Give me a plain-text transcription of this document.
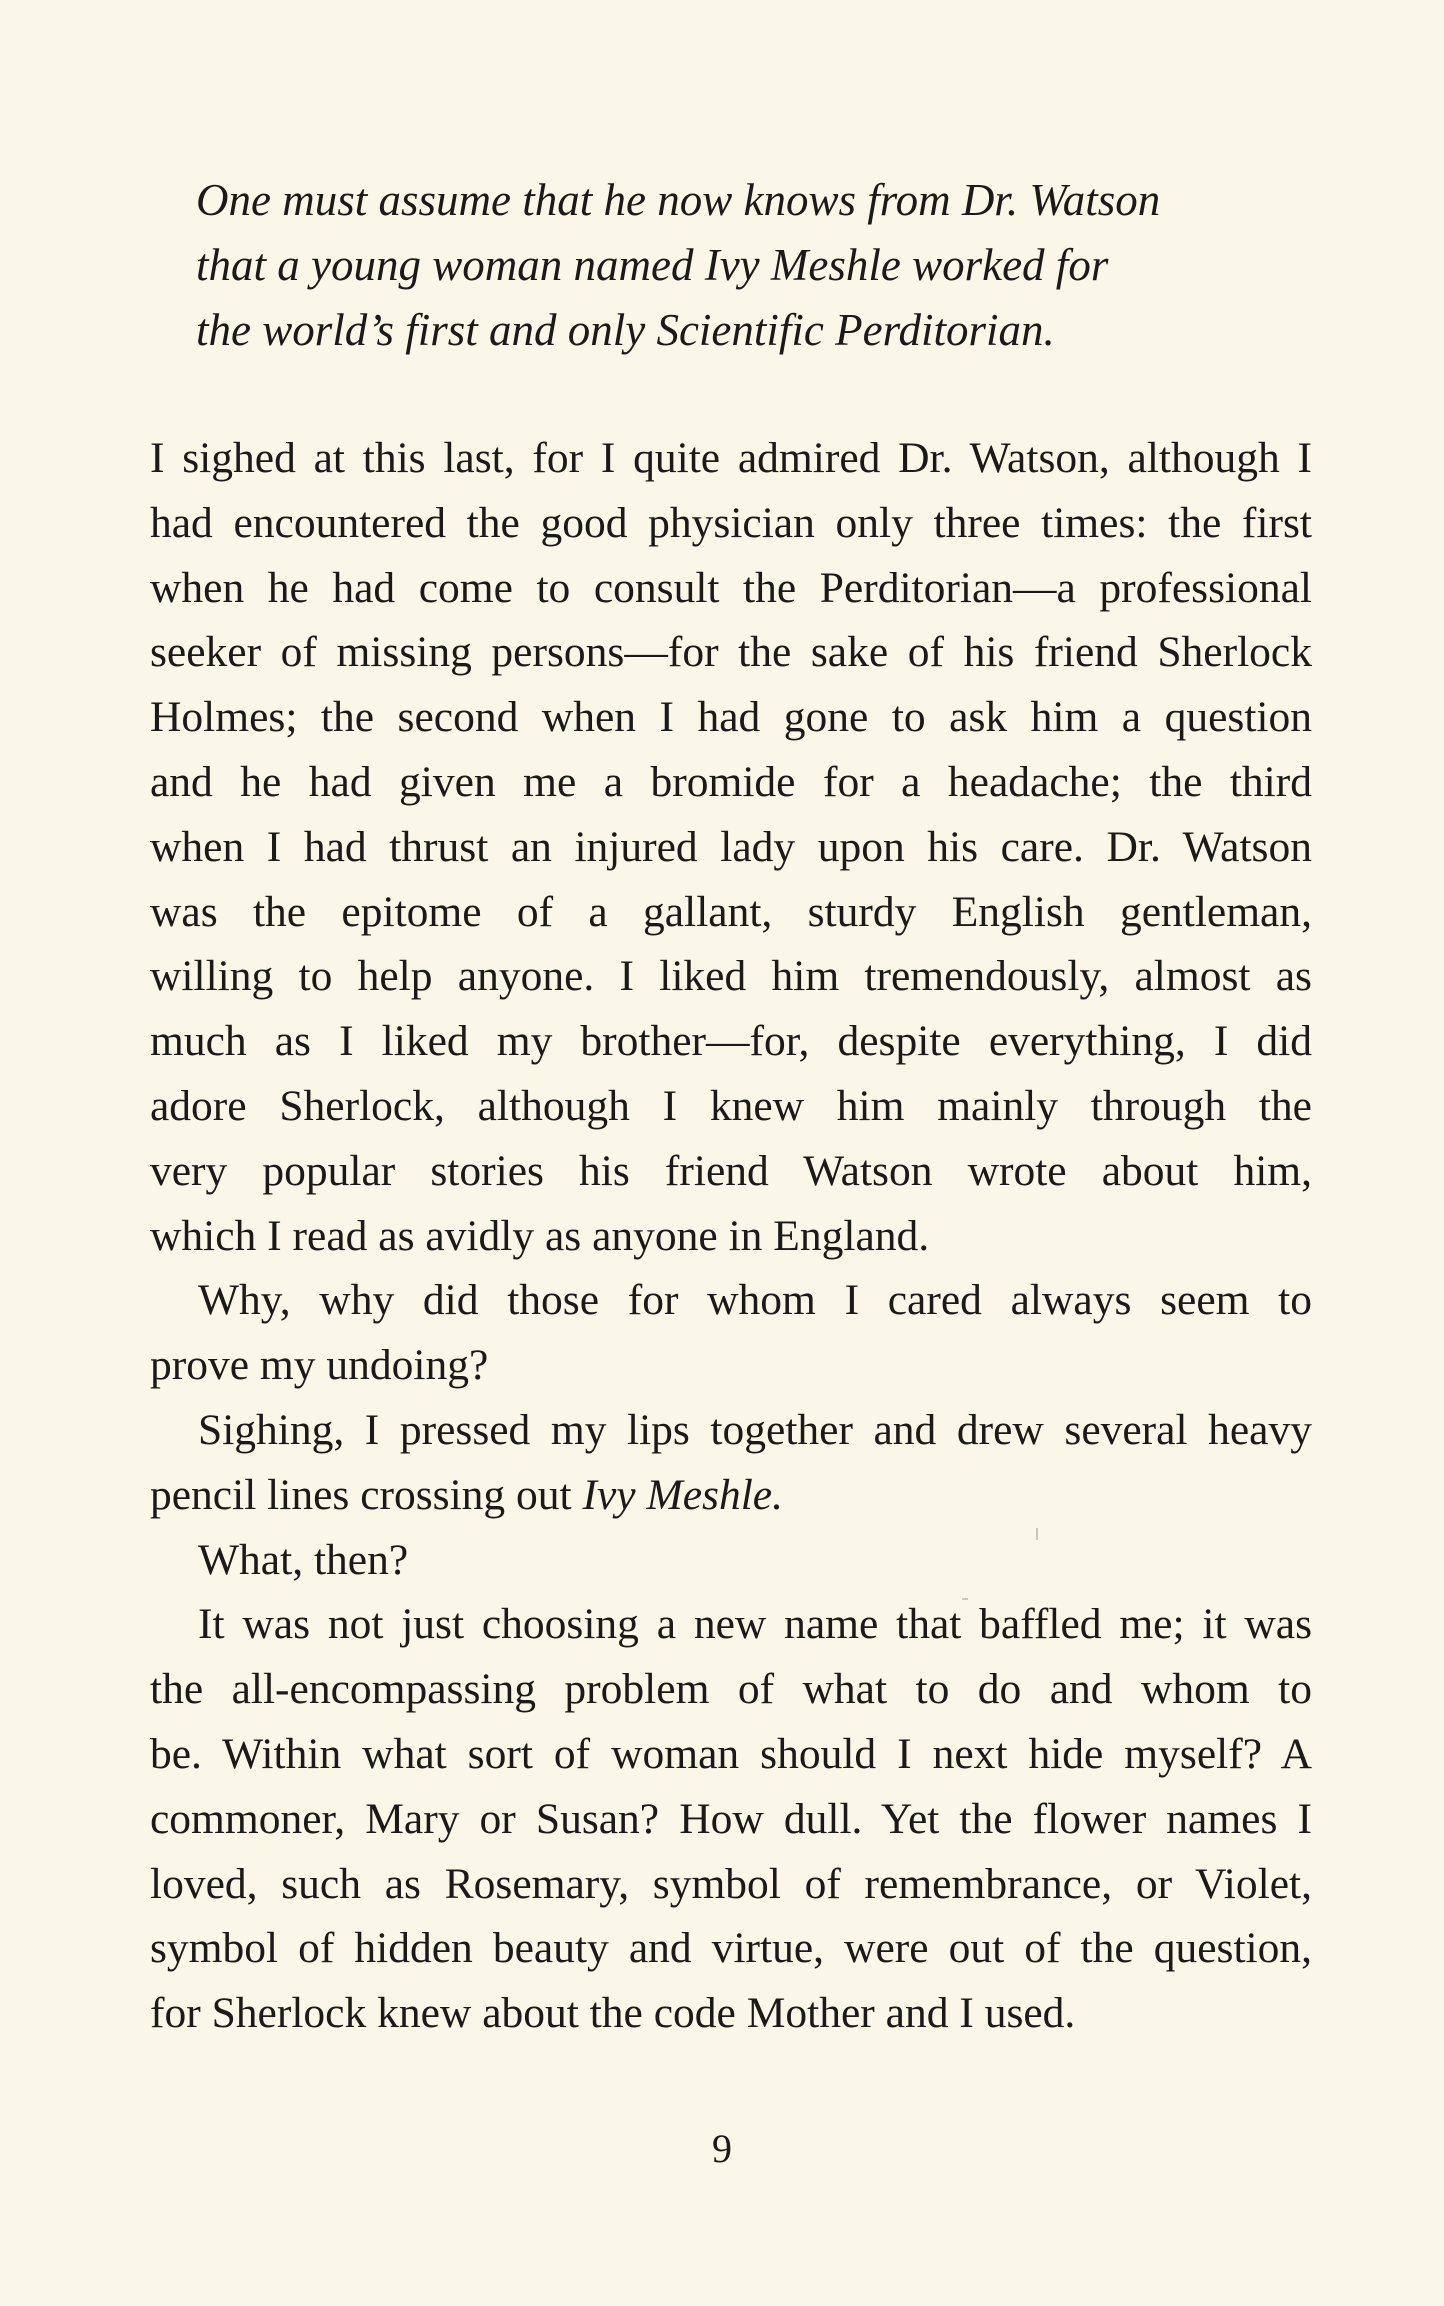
One must assume that he now knows from Dr. Watson
that a young woman named Ivy Meshle worked for
the world’s first and only Scientific Perditorian.
I sighed at this last, for I quite admired Dr. Watson, although I
had encountered the good physician only three times: the first
when he had come to consult the Perditorian—a professional
seeker of missing persons—for the sake of his friend Sherlock
Holmes; the second when I had gone to ask him a question
and he had given me a bromide for a headache; the third
when I had thrust an injured lady upon his care. Dr. Watson
was the epitome of a gallant, sturdy English gentleman,
willing to help anyone. I liked him tremendously, almost as
much as I liked my brother—for, despite everything, I did
adore Sherlock, although I knew him mainly through the
very popular stories his friend Watson wrote about him,
which I read as avidly as anyone in England.
Why, why did those for whom I cared always seem to
prove my undoing?
Sighing, I pressed my lips together and drew several heavy
pencil lines crossing out Ivy Meshle.
What, then?
It was not just choosing a new name that baffled me; it was
the all-encompassing problem of what to do and whom to
be. Within what sort of woman should I next hide myself? A
commoner, Mary or Susan? How dull. Yet the flower names I
loved, such as Rosemary, symbol of remembrance, or Violet,
symbol of hidden beauty and virtue, were out of the question,
for Sherlock knew about the code Mother and I used.
9
